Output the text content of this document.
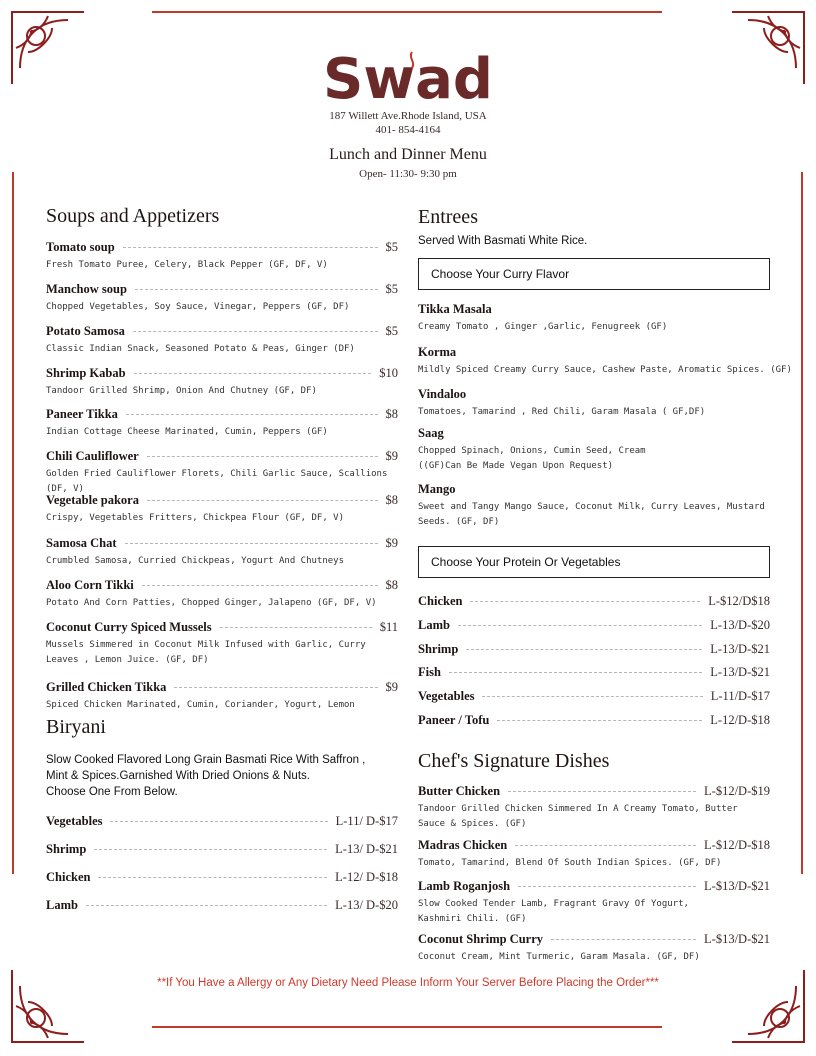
Swad
187 Willett Ave.Rhode Island, USA
401- 854-4164
Lunch and Dinner Menu
Open- 11:30- 9:30 pm
Soups and Appetizers
Tomato soup	$5
Fresh Tomato Puree, Celery, Black Pepper (GF, DF, V)
Manchow soup	$5
Chopped Vegetables, Soy Sauce, Vinegar, Peppers (GF, DF)
Potato Samosa	$5
Classic Indian Snack, Seasoned Potato & Peas, Ginger (DF)
Shrimp Kabab	$10
Tandoor Grilled Shrimp, Onion And Chutney (GF, DF)
Paneer Tikka	$8
Indian Cottage Cheese Marinated, Cumin, Peppers (GF)
Chili Cauliflower	$9
Golden Fried Cauliflower Florets, Chili Garlic Sauce, Scallions (DF, V)
Vegetable pakora	$8
Crispy, Vegetables Fritters, Chickpea Flour (GF, DF, V)
Samosa Chat	$9
Crumbled Samosa, Curried Chickpeas, Yogurt And Chutneys
Aloo Corn Tikki	$8
Potato And Corn Patties, Chopped Ginger, Jalapeno (GF, DF, V)
Coconut Curry Spiced Mussels	$11
Mussels Simmered in Coconut Milk Infused with Garlic, Curry Leaves , Lemon Juice. (GF, DF)
Grilled Chicken Tikka	$9
Spiced Chicken Marinated, Cumin, Coriander, Yogurt, Lemon
Biryani
Slow Cooked Flavored Long Grain Basmati Rice With Saffron ,
Mint & Spices.Garnished With Dried Onions & Nuts.
Choose One From Below.
Vegetables	L-11/ D-$17
Shrimp	L-13/ D-$21
Chicken	L-12/ D-$18
Lamb	L-13/ D-$20
Entrees
Served With Basmati White Rice.
Choose Your Curry Flavor
Tikka Masala
Creamy Tomato , Ginger ,Garlic, Fenugreek (GF)
Korma
Mildly Spiced Creamy Curry Sauce, Cashew Paste, Aromatic Spices. (GF)
Vindaloo
Tomatoes, Tamarind , Red Chili, Garam Masala ( GF,DF)
Saag
Chopped Spinach, Onions, Cumin Seed, Cream ((GF)Can Be Made Vegan Upon Request)
Mango
Sweet and Tangy Mango Sauce, Coconut Milk, Curry Leaves, Mustard Seeds. (GF, DF)
Choose Your Protein Or Vegetables
Chicken	L-$12/D$18
Lamb	L-13/D-$20
Shrimp	L-13/D-$21
Fish	L-13/D-$21
Vegetables	L-11/D-$17
Paneer / Tofu	L-12/D-$18
Chef's Signature Dishes
Butter Chicken	L-$12/D-$19
Tandoor Grilled Chicken Simmered In A Creamy Tomato, Butter Sauce & Spices. (GF)
Madras Chicken	L-$12/D-$18
Tomato, Tamarind, Blend Of South Indian Spices. (GF, DF)
Lamb Roganjosh	L-$13/D-$21
Slow Cooked Tender Lamb, Fragrant Gravy Of Yogurt, Kashmiri Chili. (GF)
Coconut Shrimp Curry	L-$13/D-$21
Coconut Cream, Mint Turmeric, Garam Masala. (GF, DF)
**If You Have a Allergy or Any Dietary Need Please Inform Your Server Before Placing the Order***
